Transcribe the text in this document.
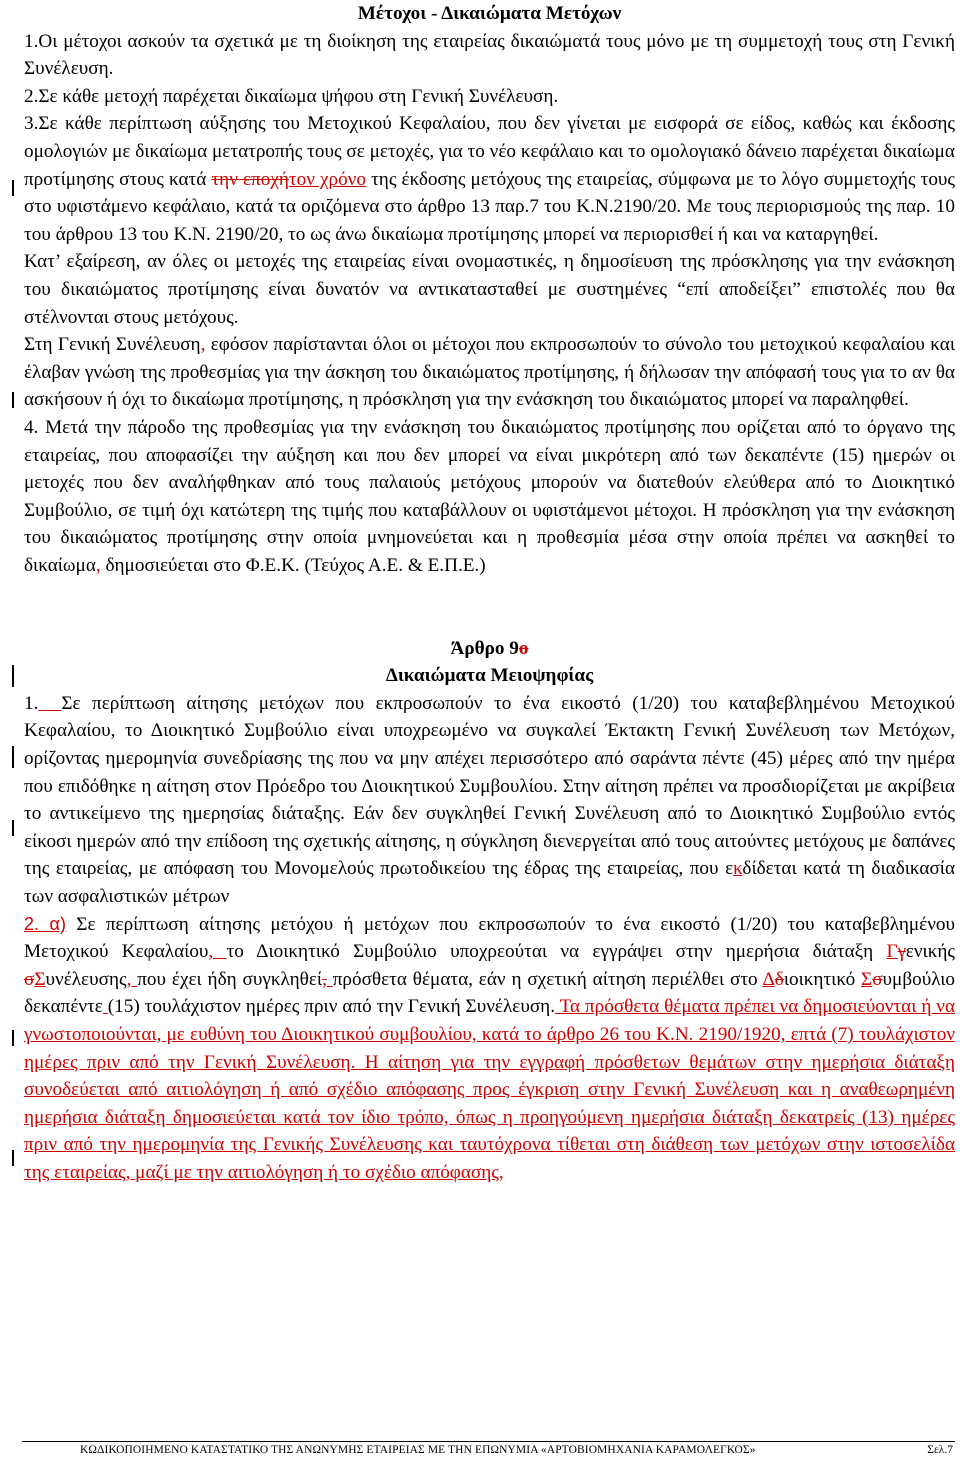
Μέτοχοι - Δικαιώματα Μετόχων

1.Οι μέτοχοι ασκούν τα σχετικά με τη διοίκηση της εταιρείας δικαιώματά τους μόνο με τη συμμετοχή τους στη Γενική Συνέλευση.

2.Σε κάθε μετοχή παρέχεται δικαίωμα ψήφου στη Γενική Συνέλευση.

3.Σε κάθε περίπτωση αύξησης του Μετοχικού Κεφαλαίου, που δεν γίνεται με εισφορά σε είδος, καθώς και έκδοσης ομολογιών με δικαίωμα μετατροπής τους σε μετοχές, για το νέο κεφάλαιο και το ομολογιακό δάνειο παρέχεται δικαίωμα προτίμησης στους κατά την εποχήτον χρόνο της έκδοσης μετόχους της εταιρείας, σύμφωνα με το λόγο συμμετοχής τους στο υφιστάμενο κεφάλαιο, κατά τα οριζόμενα στο άρθρο 13 παρ.7 του Κ.Ν.2190/20. Με τους περιορισμούς της παρ. 10 του άρθρου 13 του Κ.Ν. 2190/20, το ως άνω δικαίωμα προτίμησης μπορεί να περιορισθεί ή και να καταργηθεί.

Κατ’ εξαίρεση, αν όλες οι μετοχές της εταιρείας είναι ονομαστικές, η δημοσίευση της πρόσκλησης για την ενάσκηση του δικαιώματος προτίμησης είναι δυνατόν να αντικατασταθεί με συστημένες “επί αποδείξει” επιστολές που θα στέλνονται στους μετόχους.

Στη Γενική Συνέλευση, εφόσον παρίστανται όλοι οι μέτοχοι που εκπροσωπούν το σύνολο του μετοχικού κεφαλαίου και έλαβαν γνώση της προθεσμίας για την άσκηση του δικαιώματος προτίμησης, ή δήλωσαν την απόφασή τους για το αν θα ασκήσουν ή όχι το δικαίωμα προτίμησης, η πρόσκληση για την ενάσκηση του δικαιώματος μπορεί να παραληφθεί.

4. Μετά την πάροδο της προθεσμίας για την ενάσκηση του δικαιώματος προτίμησης που ορίζεται από το όργανο της εταιρείας, που αποφασίζει την αύξηση και που δεν μπορεί να είναι μικρότερη από των δεκαπέντε (15) ημερών οι μετοχές που δεν αναλήφθηκαν από τους παλαιούς μετόχους μπορούν να διατεθούν ελεύθερα από το Διοικητικό Συμβούλιο, σε τιμή όχι κατώτερη της τιμής που καταβάλλουν οι υφιστάμενοι μέτοχοι. Η πρόσκληση για την ενάσκηση του δικαιώματος προτίμησης στην οποία μνημονεύεται και η προθεσμία μέσα στην οποία πρέπει να ασκηθεί το δικαίωμα, δημοσιεύεται στο Φ.Ε.Κ. (Τεύχος Α.Ε. & Ε.Π.Ε.)

Άρθρο 9ο

Δικαιώματα Μειοψηφίας

1. Σε περίπτωση αίτησης μετόχων που εκπροσωπούν το ένα εικοστό (1/20) του καταβεβλημένου Μετοχικού Κεφαλαίου, το Διοικητικό Συμβούλιο είναι υποχρεωμένο να συγκαλεί Έκτακτη Γενική Συνέλευση των Μετόχων, ορίζοντας ημερομηνία συνεδρίασης της που να μην απέχει περισσότερο από σαράντα πέντε (45) μέρες από την ημέρα που επιδόθηκε η αίτηση στον Πρόεδρο του Διοικητικού Συμβουλίου. Στην αίτηση πρέπει να προσδιορίζεται με ακρίβεια το αντικείμενο της ημερησίας διάταξης. Εάν δεν συγκληθεί Γενική Συνέλευση από το Διοικητικό Συμβούλιο εντός είκοσι ημερών από την επίδοση της σχετικής αίτησης, η σύγκληση διενεργείται από τους αιτούντες μετόχους με δαπάνες της εταιρείας, με απόφαση του Μονομελούς πρωτοδικείου της έδρας της εταιρείας, που εκδίδεται κατά τη διαδικασία των ασφαλιστικών μέτρων

2. α) Σε περίπτωση αίτησης μετόχου ή μετόχων που εκπροσωπούν το ένα εικοστό (1/20) του καταβεβλημένου Μετοχικού Κεφαλαίου, το Διοικητικό Συμβούλιο υποχρεούται να εγγράψει στην ημερήσια διάταξη Γγενικής σΣυνέλευσης, που έχει ήδη συγκληθεί, πρόσθετα θέματα, εάν η σχετική αίτηση περιέλθει στο Δδιοικητικό Σσυμβούλιο δεκαπέντε (15) τουλάχιστον ημέρες πριν από την Γενική Συνέλευση. Τα πρόσθετα θέματα πρέπει να δημοσιεύονται ή να γνωστοποιούνται, με ευθύνη του Διοικητικού συμβουλίου, κατά το άρθρο 26 του Κ.Ν. 2190/1920, επτά (7) τουλάχιστον ημέρες πριν από την Γενική Συνέλευση. Η αίτηση για την εγγραφή πρόσθετων θεμάτων στην ημερήσια διάταξη συνοδεύεται από αιτιολόγηση ή από σχέδιο απόφασης προς έγκριση στην Γενική Συνέλευση και η αναθεωρημένη ημερήσια διάταξη δημοσιεύεται κατά τον ίδιο τρόπο, όπως η προηγούμενη ημερήσια διάταξη δεκατρείς (13) ημέρες πριν από την ημερομηνία της Γενικής Συνέλευσης και ταυτόχρονα τίθεται στη διάθεση των μετόχων στην ιστοσελίδα της εταιρείας, μαζί με την αιτιολόγηση ή το σχέδιο απόφασης,

ΚΩΔΙΚΟΠΟΙΗΜΕΝΟ ΚΑΤΑΣΤΑΤΙΚΟ ΤΗΣ ΑΝΩΝΥΜΗΣ ΕΤΑΙΡΕΙΑΣ ΜΕ ΤΗΝ ΕΠΩΝΥΜΙΑ «ΑΡΤΟΒΙΟΜΗΧΑΝΙΑ ΚΑΡΑΜΟΛΕΓΚΟΣ»	Σελ.7
